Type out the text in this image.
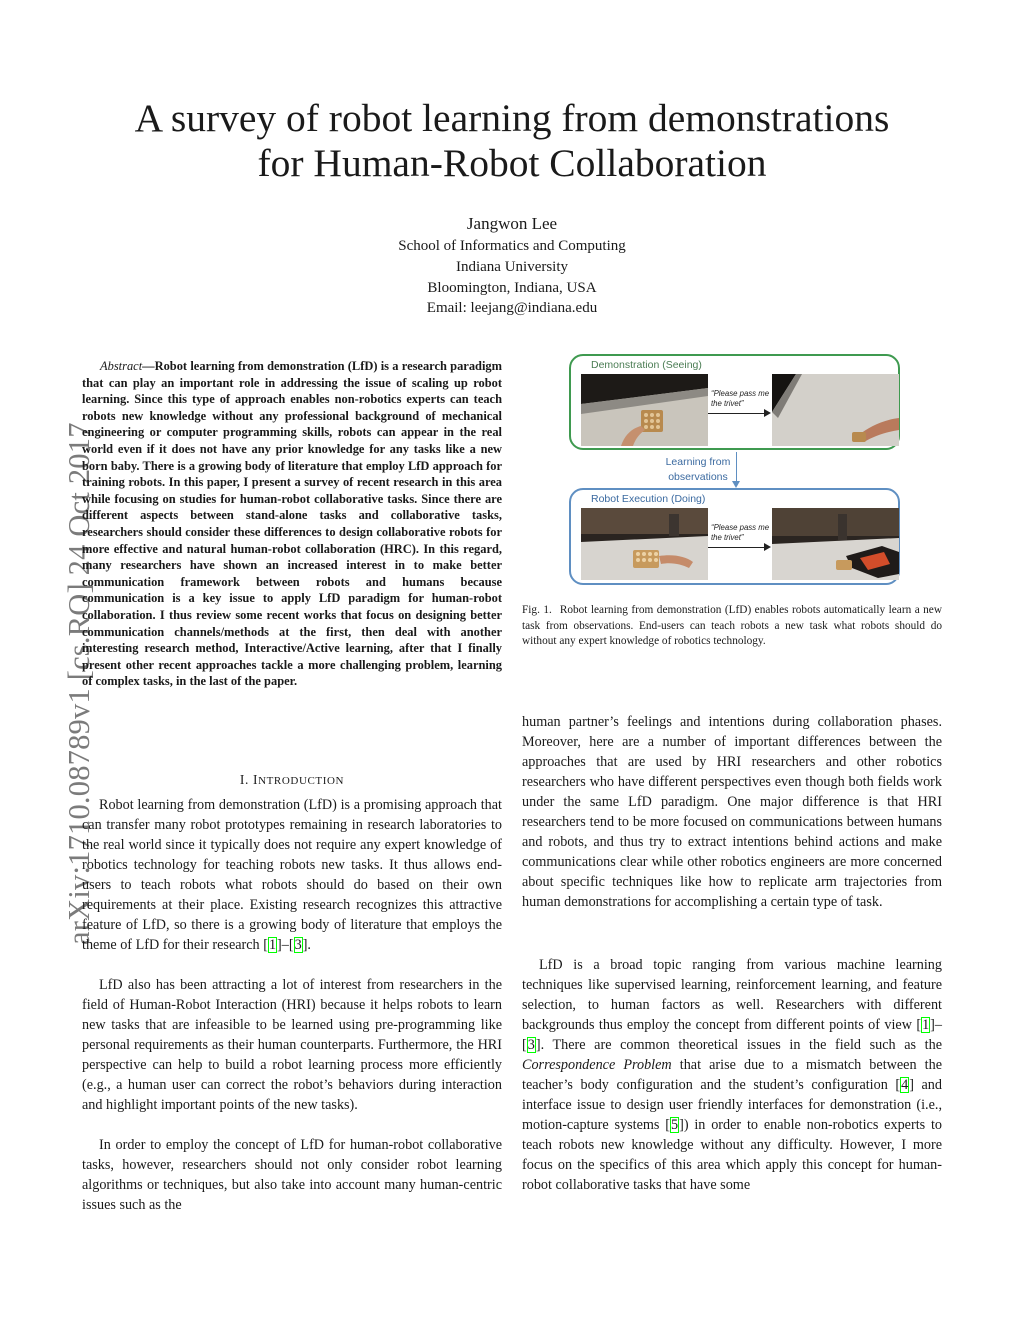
arXiv:1710.08789v1 [cs.RO] 24 Oct 2017
A survey of robot learning from demonstrations
for Human-Robot Collaboration
Jangwon Lee
School of Informatics and Computing
Indiana University
Bloomington, Indiana, USA
Email: leejang@indiana.edu

Abstract—Robot learning from demonstration (LfD) is a research paradigm that can play an important role in addressing the issue of scaling up robot learning. Since this type of approach enables non-robotics experts can teach robots new knowledge without any professional background of mechanical engineering or computer programming skills, robots can appear in the real world even if it does not have any prior knowledge for any tasks like a new born baby. There is a growing body of literature that employ LfD approach for training robots. In this paper, I present a survey of recent research in this area while focusing on studies for human-robot collaborative tasks. Since there are different aspects between stand-alone tasks and collaborative tasks, researchers should consider these differences to design collaborative robots for more effective and natural human-robot collaboration (HRC). In this regard, many researchers have shown an increased interest in to make better communication framework between robots and humans because communication is a key issue to apply LfD paradigm for human-robot collaboration. I thus review some recent works that focus on designing better communication channels/methods at the first, then deal with another interesting research method, Interactive/Active learning, after that I finally present other recent approaches tackle a more challenging problem, learning of complex tasks, in the last of the paper.

I. INTRODUCTION

Robot learning from demonstration (LfD) is a promising approach that can transfer many robot prototypes remaining in research laboratories to the real world since it typically does not require any expert knowledge of robotics technology for teaching robots new tasks. It thus allows end-users to teach robots what robots should do based on their own requirements at their place. Existing research recognizes this attractive feature of LfD, so there is a growing body of literature that employs the theme of LfD for their research [1]–[3].

LfD also has been attracting a lot of interest from researchers in the field of Human-Robot Interaction (HRI) because it helps robots to learn new tasks that are infeasible to be learned using pre-programming like personal requirements as their human counterparts. Furthermore, the HRI perspective can help to build a robot learning process more efficiently (e.g., a human user can correct the robot’s behaviors during interaction and highlight important points of the new tasks).

In order to employ the concept of LfD for human-robot collaborative tasks, however, researchers should not only consider robot learning algorithms or techniques, but also take into account many human-centric issues such as the

human partner’s feelings and intentions during collaboration phases. Moreover, here are a number of important differences between the approaches that are used by HRI researchers and other robotics researchers who have different perspectives even though both fields work under the same LfD paradigm. One major difference is that HRI researchers tend to be more focused on communications between humans and robots, and thus try to extract intentions behind actions and make communications clear while other robotics engineers are more concerned about specific techniques like how to replicate arm trajectories from human demonstrations for accomplishing a certain type of task.

LfD is a broad topic ranging from various machine learning techniques like supervised learning, reinforcement learning, and feature selection, to human factors as well. Researchers with different backgrounds thus employ the concept from different points of view [1]–[3]. There are common theoretical issues in the field such as the Correspondence Problem that arise due to a mismatch between the teacher’s body configuration and the student’s configuration [4] and interface issue to design user friendly interfaces for demonstration (i.e., motion-capture systems [5]) in order to enable non-robotics experts to teach robots new knowledge without any difficulty. However, I more focus on the specifics of this area which apply this concept for human-robot collaborative tasks that have some

Demonstration (Seeing)
“Please pass me the trivet”
Learning from observations
Robot Execution (Doing)
“Please pass me the trivet”

Fig. 1. Robot learning from demonstration (LfD) enables robots automatically learn a new task from observations. End-users can teach robots a new task what robots should do without any expert knowledge of robotics technology.
